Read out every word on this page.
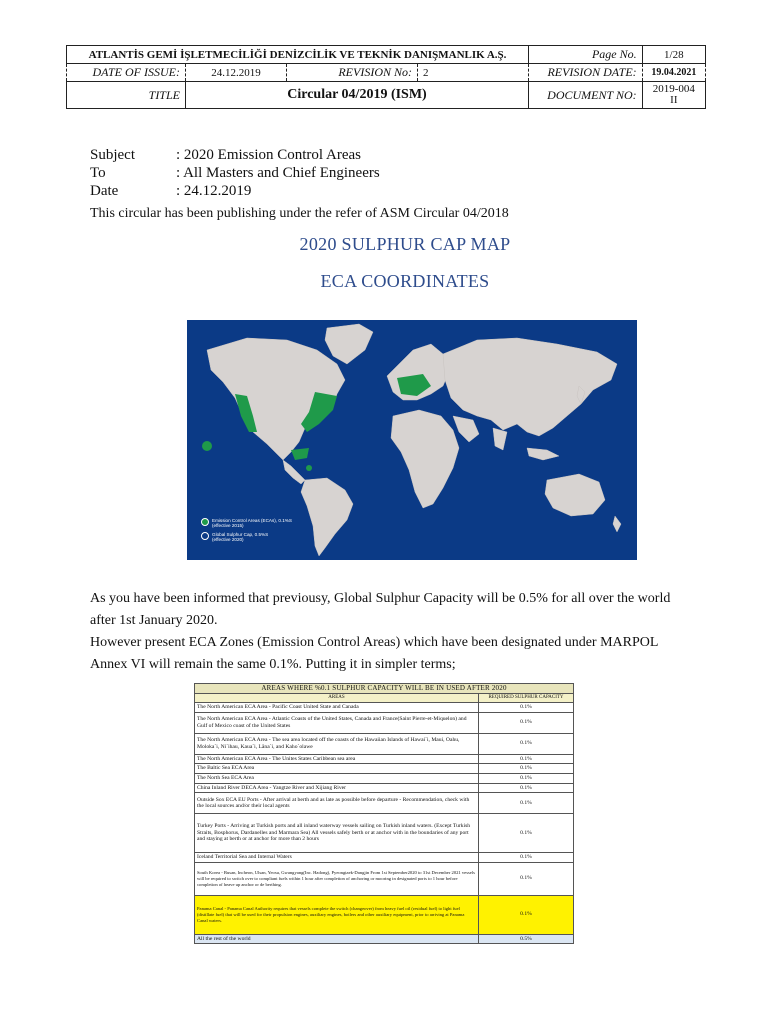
ATLANTİS GEMİ İŞLETMECİLİĞİ DENİZCİLİK VE TEKNİK DANIŞMANLIK A.Ş.				Page No.	1/28
DATE OF ISSUE:	24.12.2019	REVISION No:	2	REVISION DATE:	19.04.2021
TITLE	Circular 04/2019 (ISM)			DOCUMENT NO:	2019-004
II
Subject	: 2020 Emission Control Areas
To	: All Masters and Chief Engineers
Date	: 24.12.2019
This circular has been publishing under the refer of ASM Circular 04/2018
2020 SULPHUR CAP MAP
ECA COORDINATES
Emission Control Areas (ECAs), 0.1%S
(effective 2015)
Global Sulphur Cap, 0.5%S
(effective 2020)

As you have been informed that previousy, Global Sulphur Capacity will be 0.5% for all over the world

after 1st January 2020.

However present ECA Zones (Emission Control Areas) which have been designated under MARPOL

Annex VI will remain the same 0.1%. Putting it in simpler terms;

AREAS WHERE %0.1 SULPHUR CAPACITY WILL BE IN USED AFTER 2020	
AREAS	REQUIRED SULPHUR CAPACITY
The North American ECA Area - Pacific Coast United State and Canada	0.1%
The North American ECA Area - Atlantic Coasts of the United States, Canada and France(Saint Pierre-et-Miquelon) and Gulf of Mexico coast of the United States	0.1%
The North American ECA Area - The sea area located off the coasts of the Hawaiian Islands of Hawai`i, Maui, Oahu, Moloka`i, Ni`ihau, Kaua`i, Lāna`i, and Kaho`olawe	0.1%
The North American ECA Area - The Unites States Caribbean sea area	0.1%
The Baltic Sea ECA Area	0.1%
The North Sea ECA Area	0.1%
China Inland River DECA Area - Yangtze River and Xijiang River	0.1%
Outside Sox ECA EU Ports - After arrival at berth and as late as possible before departure - Recommendation, check with the local sources and/or their local agents	0.1%
Turkey Ports - Arriving at Turkish ports and all inland waterway vessels sailing on Turkish inland waters. (Except Turkish Straits, Bosphorus, Dardanelles and Marmara Sea) All vessels safely berth or at anchor with in the boundaries of any port and staying at berth or at anchor for more than 2 hours	0.1%
Iceland Territorial Sea and Internal Waters	0.1%
South Korea - Busan, Incheon, Ulsan, Yeosu, Gwangyang(Inc. Hadong), Pyeongtaek-Dangjin From 1st September2020 to 31st December 2021 vessels will be required to switch over to compliant fuels within 1 hour after completion of anchoring or mooring in designated ports to 1 hour before completion of heave up anchor or de berthing.	0.1%
Panama Canal - Panama Canal Authority requires that vessels complete the switch (changeover) from heavy fuel oil (residual fuel) to light fuel (distillate fuel) that will be used for their propulsion engines, auxiliary engines, boilers and other auxiliary equipment, prior to arriving at Panama Canal waters.	0.1%
All the rest of the world	0.5%
